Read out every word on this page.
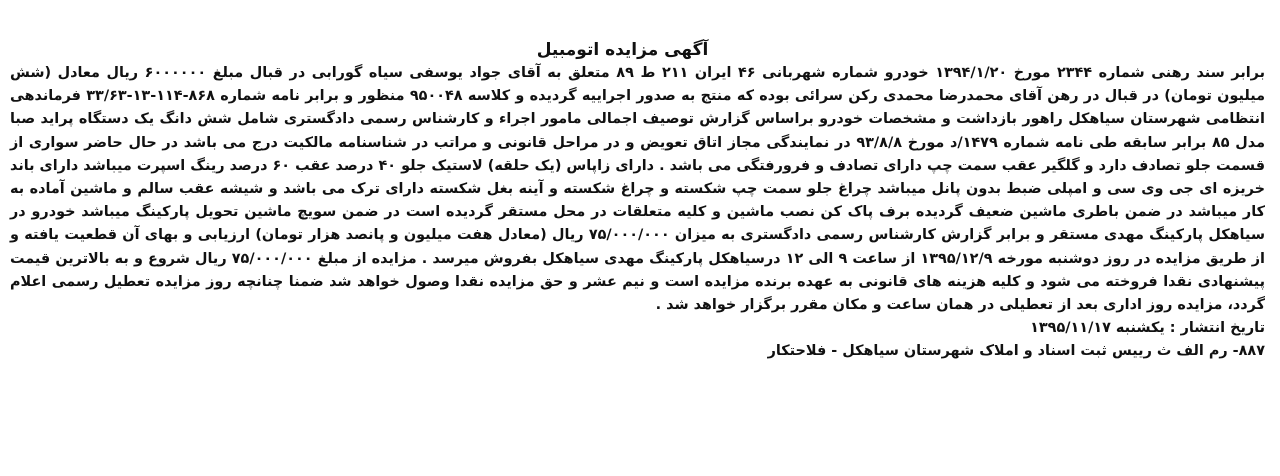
آگهی مزایده اتومبیل

برابر سند رهنی شماره ۲۳۴۴ مورخ ۱۳۹۴/۱/۲۰ خودرو شماره شهربانی ۴۶ ایران ۲۱۱ ط ۸۹ متعلق به آقای جواد یوسفی سیاه گورابی در قبال مبلغ ۶۰۰۰۰۰۰ ریال معادل (شش میلیون تومان) در قبال در رهن آقای محمدرضا محمدی رکن سرائی بوده که منتج به صدور اجراییه گردیده و کلاسه ۹۵۰۰۴۸ منظور و برابر نامه شماره ۸۶۸-۱۱۴-۱۳-۳۳/۶۳ فرماندهی انتظامی شهرستان سیاهکل راهور بازداشت و مشخصات خودرو براساس گزارش توصیف اجمالی مامور اجراء و کارشناس رسمی دادگستری شامل شش دانگ یک دستگاه پراید صبا مدل ۸۵ برابر سابقه طی نامه شماره ۱۴۷۹/د مورخ ۹۳/۸/۸ در نمایندگی مجاز اتاق تعویض و در مراحل قانونی و مراتب در شناسنامه مالکیت درج می باشد در حال حاضر سواری از قسمت جلو تصادف دارد و گلگیر عقب سمت چپ دارای تصادف و فرورفتگی می باشد . دارای زاپاس (یک حلقه) لاستیک جلو ۴۰ درصد عقب ۶۰ درصد رینگ اسپرت میباشد دارای باند خریزه ای جی وی سی و امپلی ضبط بدون پانل میباشد چراغ جلو سمت چپ شکسته و چراغ شکسته و آینه بغل شکسته دارای ترک می باشد و شیشه عقب سالم و ماشین آماده به کار میباشد در ضمن باطری ماشین ضعیف گردیده برف پاک کن نصب ماشین و کلیه متعلقات در محل مستقر گردیده است در ضمن سویچ ماشین تحویل پارکینگ میباشد خودرو در سیاهکل پارکینگ مهدی مستقر و برابر گزارش کارشناس رسمی دادگستری به میزان ۷۵/۰۰۰/۰۰۰ ریال (معادل هفت میلیون و پانصد هزار تومان) ارزیابی و بهای آن قطعیت یافته و از طریق مزایده در روز دوشنبه مورخه ۱۳۹۵/۱۲/۹ از ساعت ۹ الی ۱۲ درسیاهکل پارکینگ مهدی سیاهکل بفروش میرسد . مزایده از مبلغ ۷۵/۰۰۰/۰۰۰ ریال شروع و به بالاترین قیمت پیشنهادی نقدا فروخته می شود و کلیه هزینه های قانونی به عهده برنده مزایده است و نیم عشر و حق مزایده نقدا وصول خواهد شد ضمنا چنانچه روز مزایده تعطیل رسمی اعلام گردد، مزایده روز اداری بعد از تعطیلی در همان ساعت و مکان مقرر برگزار خواهد شد .

تاریخ انتشار : یکشنبه ۱۳۹۵/۱۱/۱۷

۸۸۷- رم الف ث رییس ثبت اسناد و املاک شهرستان سیاهکل - فلاحتکار

۰۲۱-۸۸۳۴۹۶۷۰-۵
